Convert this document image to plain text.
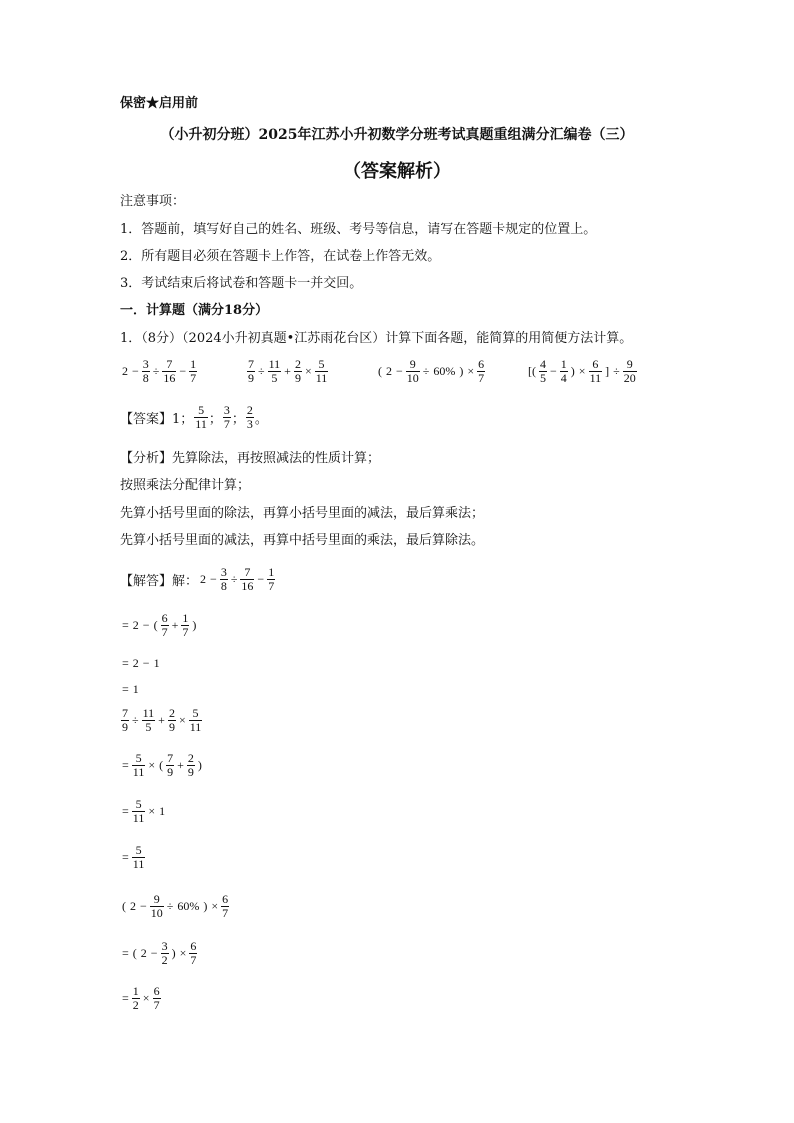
保密★启用前
（小升初分班）2025年江苏小升初数学分班考试真题重组满分汇编卷（三）
（答案解析）
注意事项：
1．答题前，填写好自己的姓名、班级、考号等信息，请写在答题卡规定的位置上。
2．所有题目必须在答题卡上作答，在试卷上作答无效。
3．考试结束后将试卷和答题卡一并交回。
一．计算题（满分18分）
1．（8分）（2024小升初真题•江苏雨花台区）计算下面各题，能简算的用简便方法计算。
$2 - \frac{3}{8} \div \frac{7}{16} - \frac{1}{7}$	$\frac{7}{9} \div \frac{11}{5} + \frac{2}{9} \times \frac{5}{11}$	( $2 - \frac{9}{10} \div 60\%$ ) × $\frac{6}{7}$	[( $\frac{4}{5} - \frac{1}{4}$ ) × $\frac{6}{11}$ ] ÷ $\frac{9}{20}$
【答案】1； $\frac{5}{11}$ ； $\frac{3}{7}$ ； $\frac{2}{3}$ 。
【分析】先算除法，再按照减法的性质计算；
按照乘法分配律计算；
先算小括号里面的除法，再算小括号里面的减法，最后算乘法；
先算小括号里面的减法，再算中括号里面的乘法，最后算除法。
【解答】解： $2 - \frac{3}{8} \div \frac{7}{16} - \frac{1}{7}$
= 2 − ( $\frac{6}{7} + \frac{1}{7}$ )
= 2 − 1
= 1
$\frac{7}{9} \div \frac{11}{5} + \frac{2}{9} \times \frac{5}{11}$
= $\frac{5}{11}$ × ( $\frac{7}{9} + \frac{2}{9}$ )
= $\frac{5}{11} \times 1$
= $\frac{5}{11}$
( $2 - \frac{9}{10} \div 60\%$ ) × $\frac{6}{7}$
= ( $2 - \frac{3}{2}$ ) × $\frac{6}{7}$
= $\frac{1}{2} \times \frac{6}{7}$
